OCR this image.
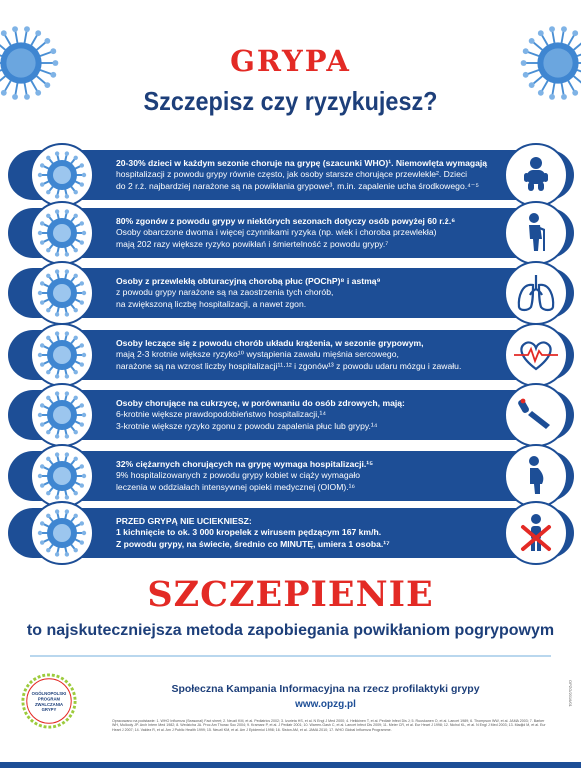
GRYPA
Szczepisz czy ryzykujesz?
20-30% dzieci w każdym sezonie choruje na grypę (szacunki WHO)¹. Niemowlęta wymagają
hospitalizacji z powodu grypy równie często, jak osoby starsze chorujące przewlekle². Dzieci
do 2 r.ż. najbardziej narażone są na powikłania grypowe³, m.in. zapalenie ucha środkowego.⁴⁻⁵
80% zgonów z powodu grypy w niektórych sezonach dotyczy osób powyżej 60 r.ż.⁶
Osoby obarczone dwoma i więcej czynnikami ryzyka (np. wiek i choroba przewlekła)
mają 202 razy większe ryzyko powikłań i śmiertelność z powodu grypy.⁷
Osoby z przewlekłą obturacyjną chorobą płuc (POChP)⁸ i astmą⁹
z powodu grypy narażone są na zaostrzenia tych chorób,
na zwiększoną liczbę hospitalizacji, a nawet zgon.
Osoby leczące się z powodu chorób układu krążenia, w sezonie grypowym,
mają 2-3 krotnie większe ryzyko¹⁰ wystąpienia zawału mięśnia sercowego,
narażone są na wzrost liczby hospitalizacji¹¹·¹² i zgonów¹³ z powodu udaru mózgu i zawału.
Osoby chorujące na cukrzycę, w porównaniu do osób zdrowych, mają:
6-krotnie większe prawdopodobieństwo hospitalizacji,¹⁴
3-krotnie większe ryzyko zgonu z powodu zapalenia płuc lub grypy.¹⁴
32% ciężarnych chorujących na grypę wymaga hospitalizacji.¹⁵
9% hospitalizowanych z powodu grypy kobiet w ciąży wymagało
leczenia w oddziałach intensywnej opieki medycznej (OIOM).¹⁶
PRZED GRYPĄ NIE UCIEKNIESZ:
1 kichnięcie to ok. 3 000 kropelek z wirusem pędzącym 167 km/h.
Z powodu grypy, na świecie, średnio co MINUTĘ, umiera 1 osoba.¹⁷
SZCZEPIENIE
to najskuteczniejsza metoda zapobiegania powikłaniom pogrypowym
OGÓLNOPOLSKI
PROGRAM
ZWALCZANIA
GRYPY
Społeczna Kampania Informacyjna na rzecz profilaktyki grypy
www.opzg.pl
Opracowano na podstawie: 1. WHO Influenza (Seasonal) Fact sheet; 2. Neuzil KM, et al. Pediatrics 2002; 3. Izurieta HS, et al. N Engl J Med 2000; 4. Heikkinen T, et al. Pediatr Infect Dis J; 5. Ruuskanen O, et al. Lancet 1989; 6. Thompson WW, et al. JAMA 2003; 7. Barker WH, Mullooly JP. Arch Intern Med 1982; 8. Wedzicha JA. Proc Am Thorac Soc 2004; 9. Kramarz P, et al. J Pediatr 2001; 10. Warren-Gash C, et al. Lancet Infect Dis 2009; 11. Meier CR, et al. Eur Heart J 1998; 12. Nichol KL, et al. N Engl J Med 2003; 13. Madjid M, et al. Eur Heart J 2007; 14. Valdez R, et al. Am J Public Health 1999; 15. Neuzil KM, et al. Am J Epidemiol 1998; 16. Siston AM, et al. JAMA 2010; 17. WHO Global Influenza Programme.
OPZG/2016/01
